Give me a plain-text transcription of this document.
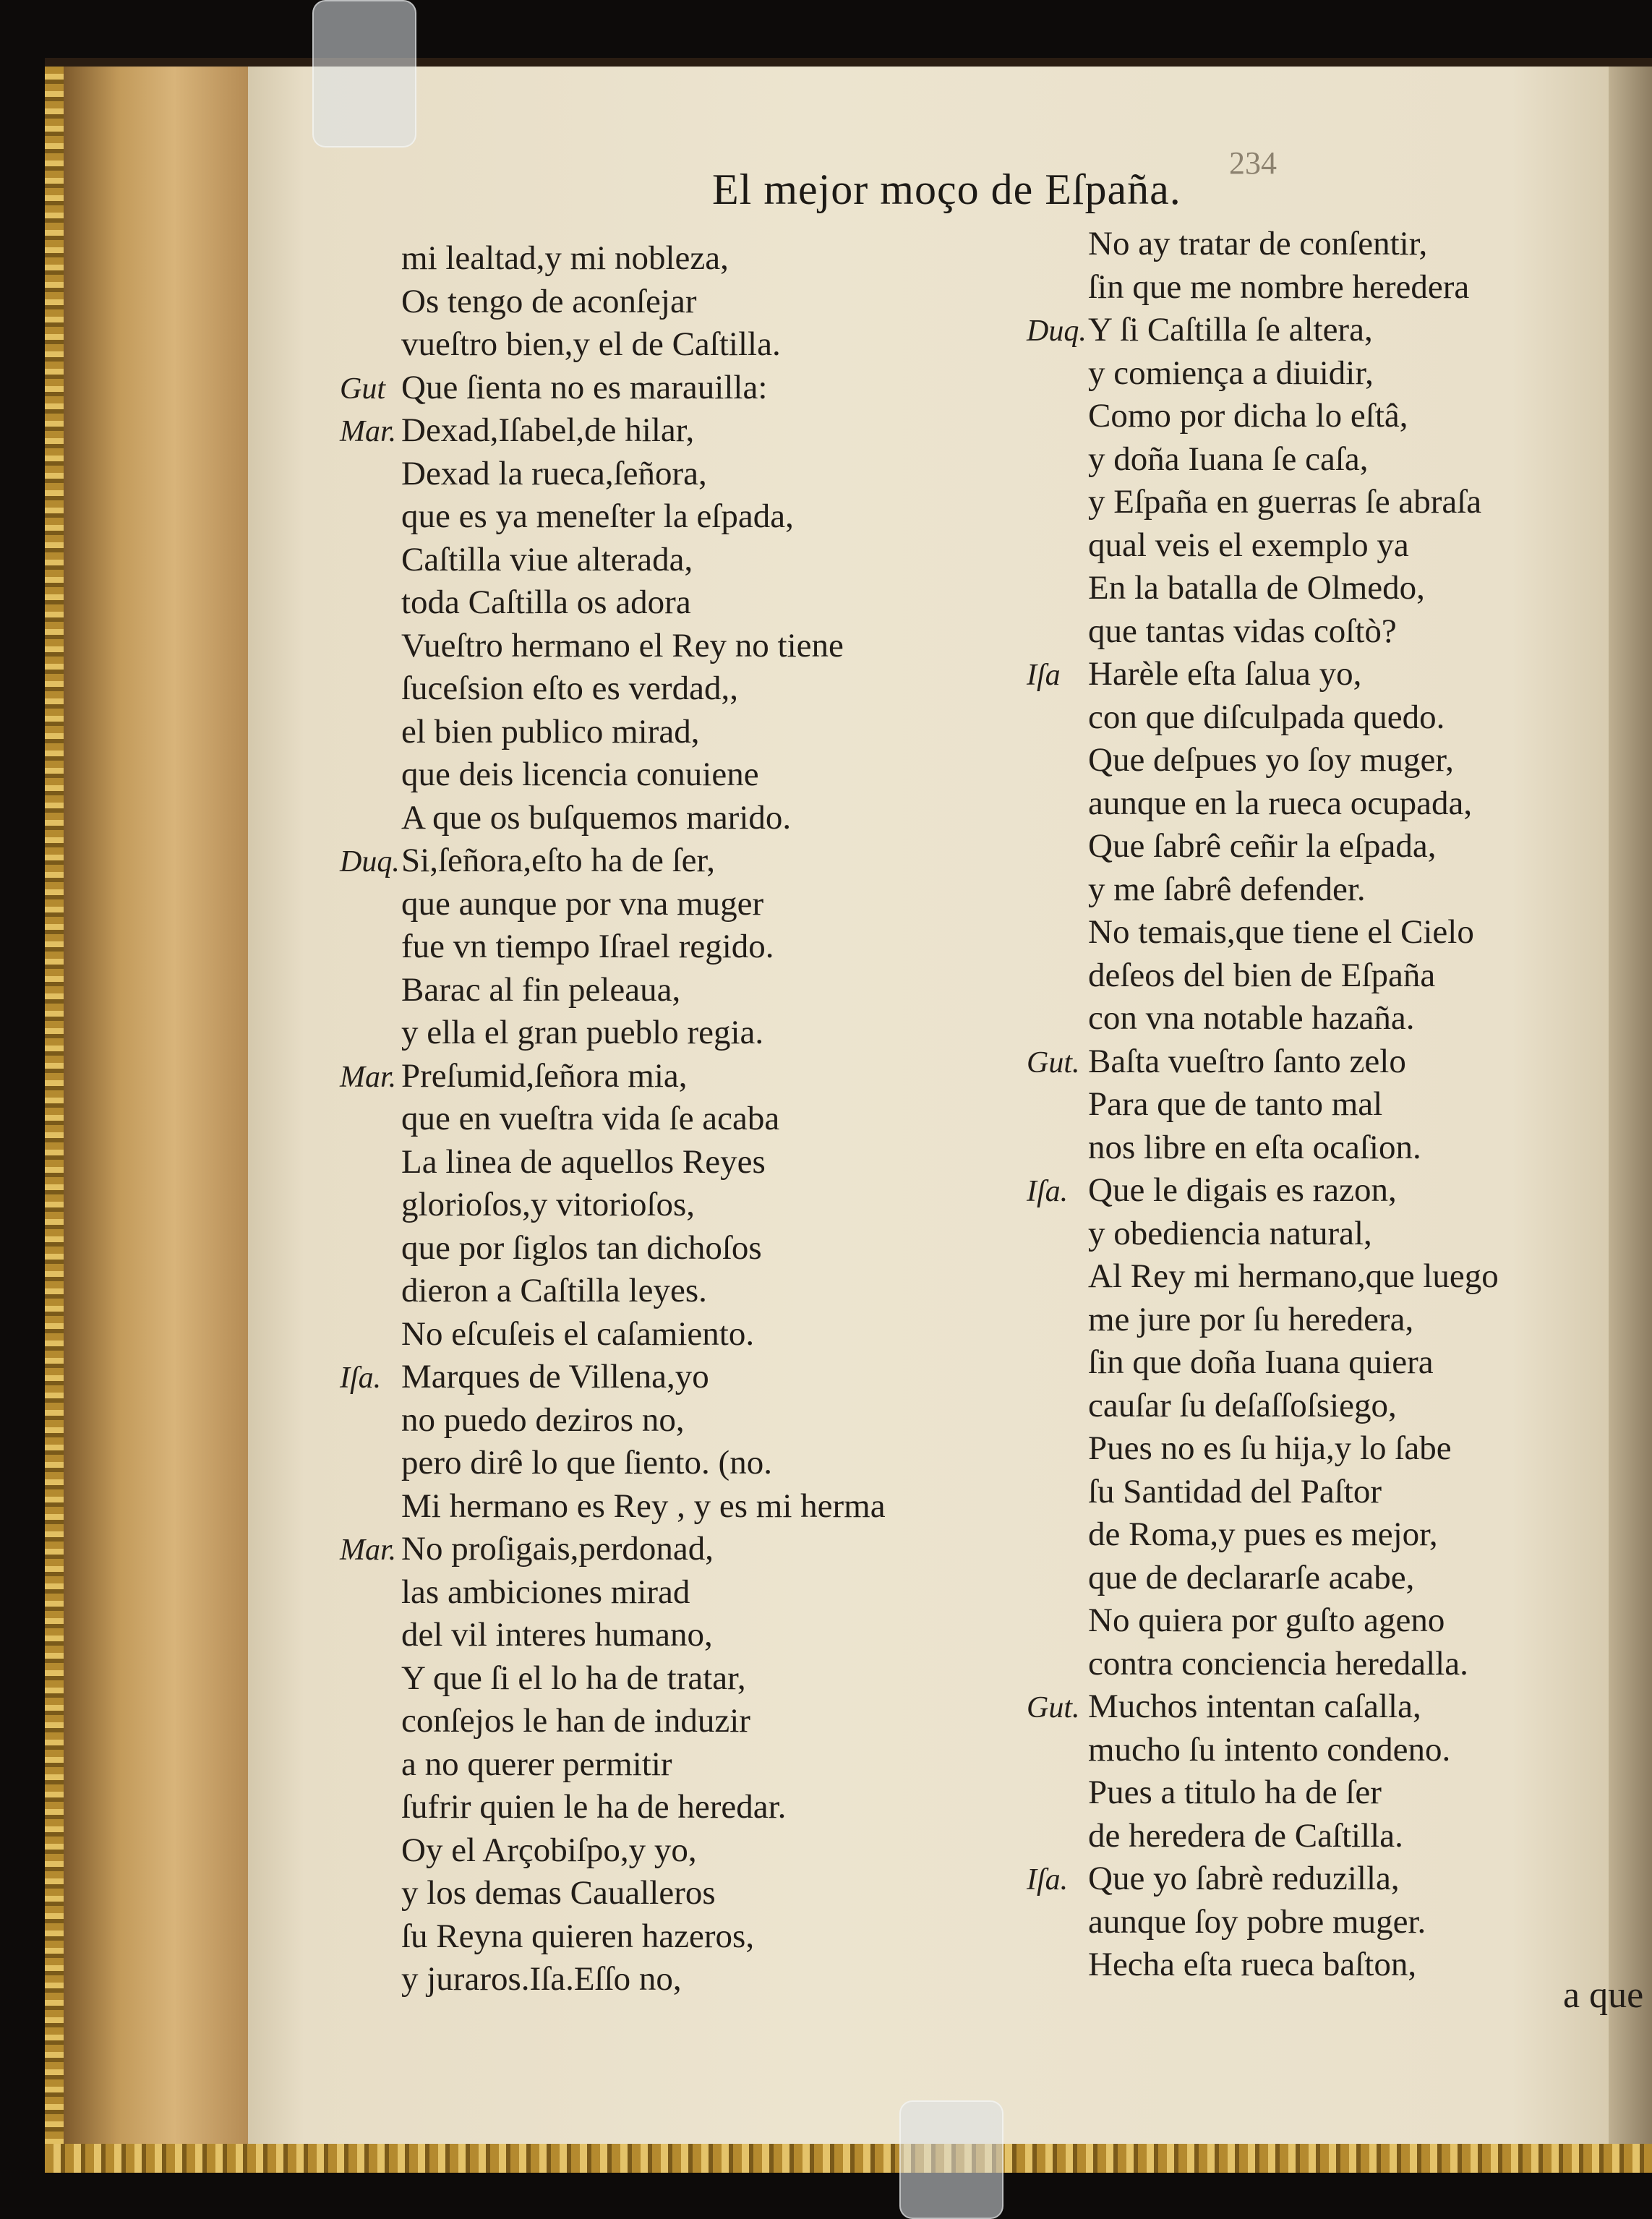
El mejor moço de Eſpaña.
234
mi lealtad,y mi nobleza,
Os tengo de aconſejar
vueſtro bien,y el de Caſtilla.
Gut Que ſienta no es marauilla:
Mar. Dexad,Iſabel,de hilar,
Dexad la rueca,ſeñora,
que es ya meneſter la eſpada,
Caſtilla viue alterada,
toda Caſtilla os adora
Vueſtro hermano el Rey no tiene
ſuceſsion eſto es verdad,,
el bien publico mirad,
que deis licencia conuiene
A que os buſquemos marido.
Duq.Si,ſeñora,eſto ha de ſer,
que aunque por vna muger
fue vn tiempo Iſrael regido.
Barac al fin peleaua,
y ella el gran pueblo regia.
Mar. Preſumid,ſeñora mia,
que en vueſtra vida ſe acaba
La linea de aquellos Reyes
glorioſos,y vitorioſos,
que por ſiglos tan dichoſos
dieron a Caſtilla leyes.
No eſcuſeis el caſamiento.
Iſa. Marques de Villena,yo
no puedo deziros no,
pero dirê lo que ſiento. (no.
Mi hermano es Rey , y es mi herma
Mar. No proſigais,perdonad,
las ambiciones mirad
del vil interes humano,
Y que ſi el lo ha de tratar,
conſejos le han de induzir
a no querer permitir
ſufrir quien le ha de heredar.
Oy el Arçobiſpo,y yo,
y los demas Caualleros
ſu Reyna quieren hazeros,
y juraros.Iſa.Eſſo no,
No ay tratar de conſentir,
ſin que me nombre heredera
Duq.Y ſi Caſtilla ſe altera,
y comiença a diuidir,
Como por dicha lo eſtâ,
y doña Iuana ſe caſa,
y Eſpaña en guerras ſe abraſa
qual veis el exemplo ya
En la batalla de Olmedo,
que tantas vidas coſtò?
Iſa Harèle eſta ſalua yo,
con que diſculpada quedo.
Que deſpues yo ſoy muger,
aunque en la rueca ocupada,
Que ſabrê ceñir la eſpada,
y me ſabrê defender.
No temais,que tiene el Cielo
deſeos del bien de Eſpaña
con vna notable hazaña.
Gut. Baſta vueſtro ſanto zelo
Para que de tanto mal
nos libre en eſta ocaſion.
Iſa. Que le digais es razon,
y obediencia natural,
Al Rey mi hermano,que luego
me jure por ſu heredera,
ſin que doña Iuana quiera
cauſar ſu deſaſſoſsiego,
Pues no es ſu hija,y lo ſabe
ſu Santidad del Paſtor
de Roma,y pues es mejor,
que de declararſe acabe,
No quiera por guſto ageno
contra conciencia heredalla.
Gut. Muchos intentan caſalla,
mucho ſu intento condeno.
Pues a titulo ha de ſer
de heredera de Caſtilla.
Iſa. Que yo ſabrè reduzilla,
aunque ſoy pobre muger.
Hecha eſta rueca baſton,
a que
